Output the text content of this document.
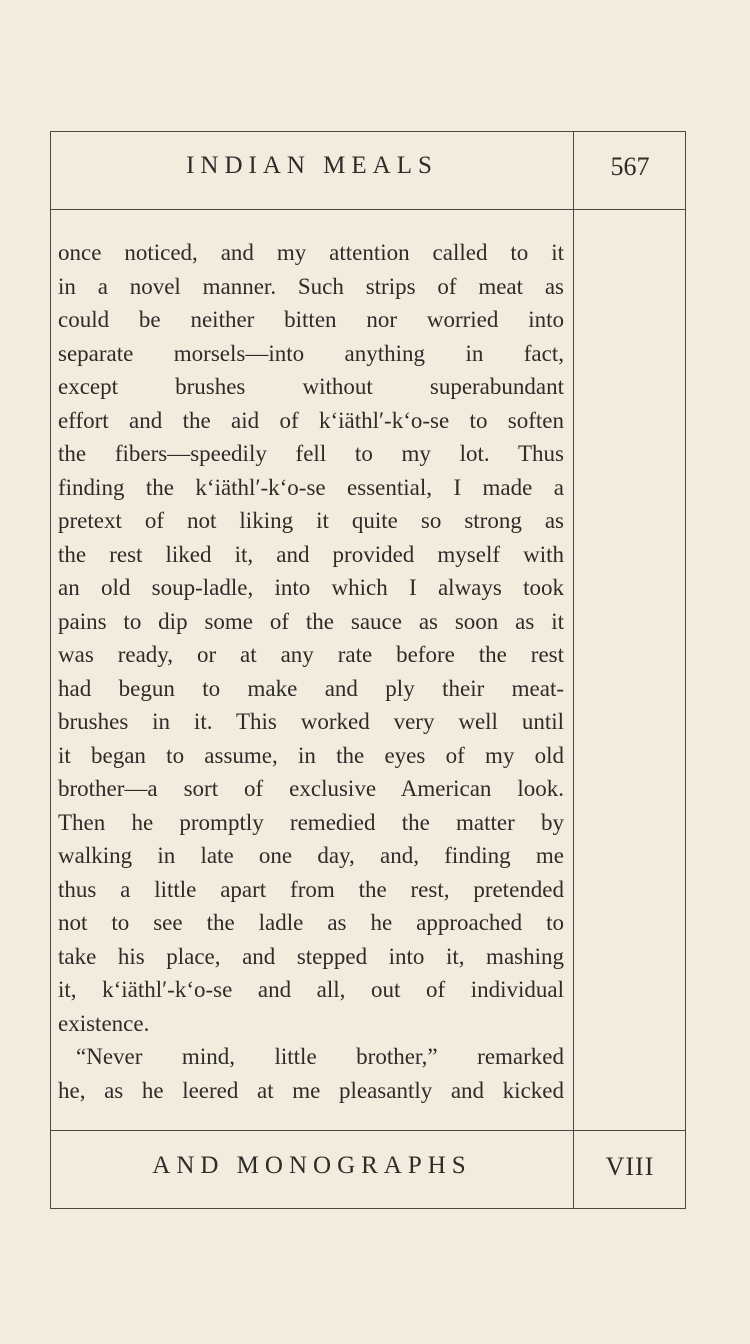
INDIAN MEALS	567
once noticed, and my attention called to it
in a novel manner. Such strips of meat as
could be neither bitten nor worried into
separate morsels—into anything in fact,
except brushes without superabundant
effort and the aid of k‘iäthl′-k‘o-se to soften
the fibers—speedily fell to my lot. Thus
finding the k‘iäthl′-k‘o-se essential, I made a
pretext of not liking it quite so strong as
the rest liked it, and provided myself with
an old soup-ladle, into which I always took
pains to dip some of the sauce as soon as it
was ready, or at any rate before the rest
had begun to make and ply their meat-
brushes in it. This worked very well until
it began to assume, in the eyes of my old
brother—a sort of exclusive American look.
Then he promptly remedied the matter by
walking in late one day, and, finding me
thus a little apart from the rest, pretended
not to see the ladle as he approached to
take his place, and stepped into it, mashing
it, k‘iäthl′-k‘o-se and all, out of individual
existence.
“Never mind, little brother,” remarked
he, as he leered at me pleasantly and kicked
AND MONOGRAPHS	VIII
